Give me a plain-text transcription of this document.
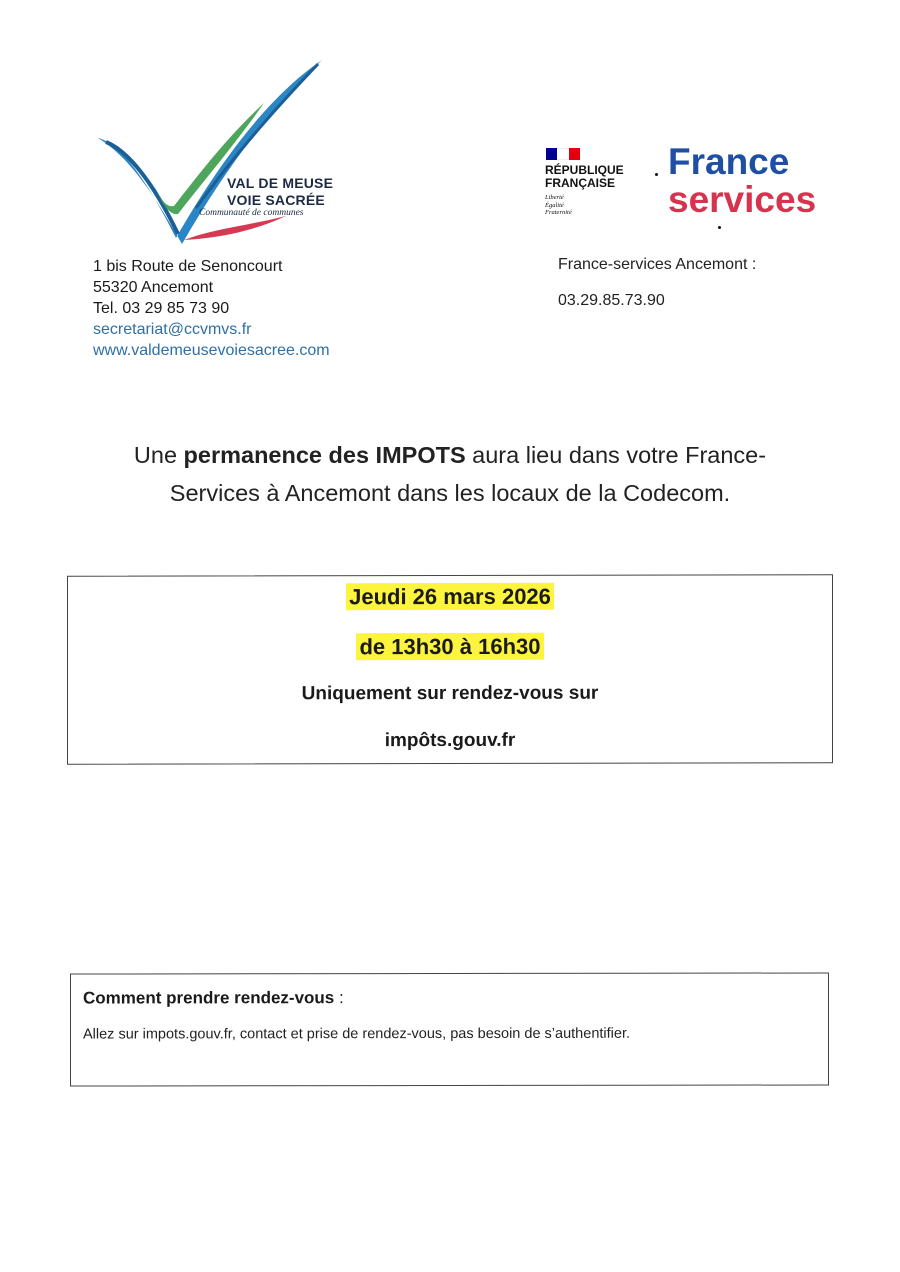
VAL DE MEUSE
VOIE SACRÉE
Communauté de communes
RÉPUBLIQUE
FRANÇAISE
Liberté
Égalité
Fraternité
France
services
1 bis Route de Senoncourt
55320 Ancemont
Tel. 03 29 85 73 90
secretariat@ccvmvs.fr
www.valdemeusevoiesacree.com
France-services Ancemont :
03.29.85.73.90
Une permanence des IMPOTS aura lieu dans votre France-
Services à Ancemont dans les locaux de la Codecom.
Jeudi 26 mars 2026
de 13h30 à 16h30
Uniquement sur rendez-vous sur
impôts.gouv.fr
Comment prendre rendez-vous :
Allez sur impots.gouv.fr, contact et prise de rendez-vous, pas besoin de s’authentifier.
